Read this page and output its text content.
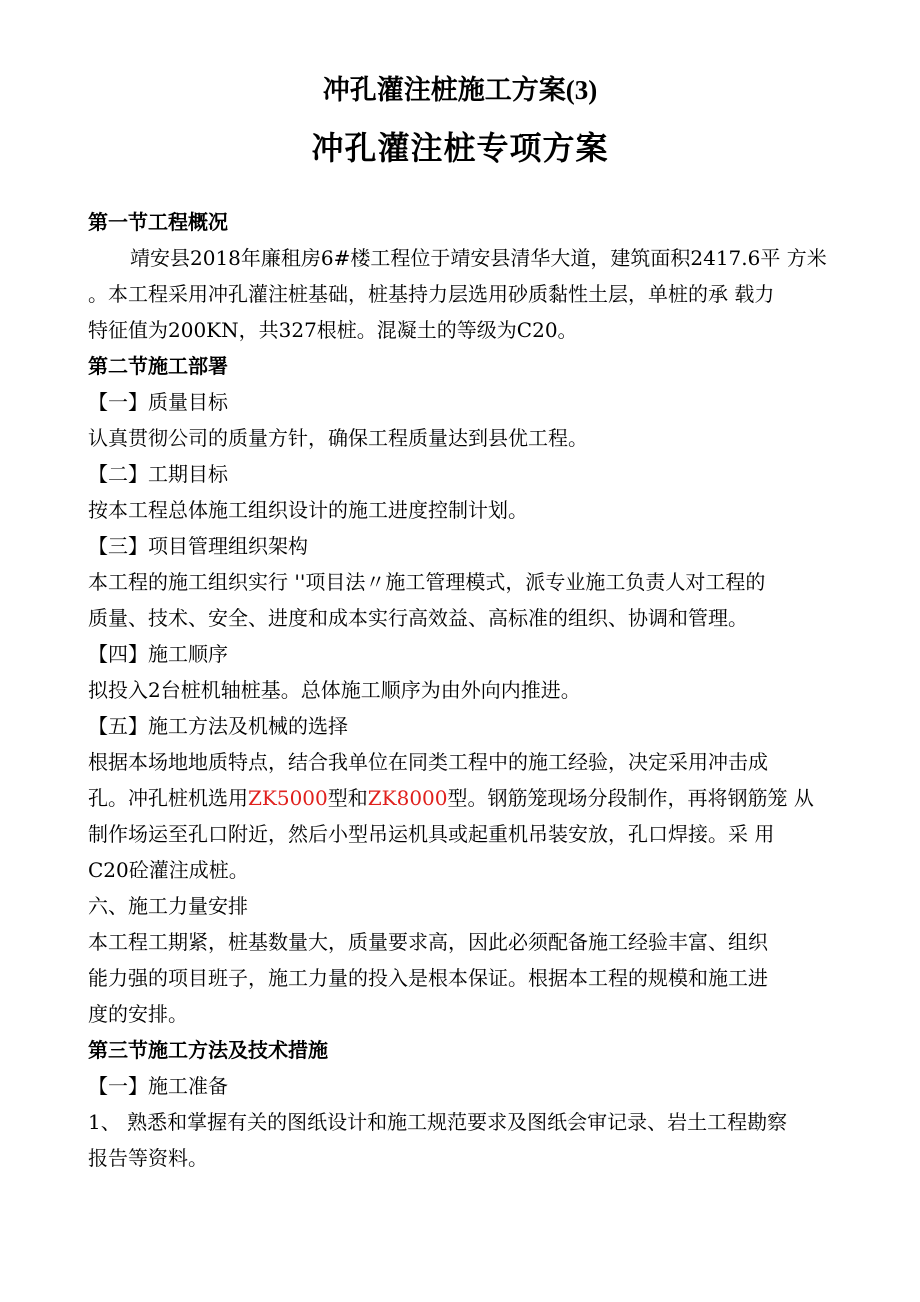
冲孔灌注桩施工方案(3)
冲孔灌注桩专项方案
第一节工程概况
靖安县2018年廉租房6#楼工程位于靖安县清华大道，建筑面积2417.6平 方米
。本工程采用冲孔灌注桩基础，桩基持力层选用砂质黏性土层，单桩的承 载力
特征值为200KN，共327根桩。混凝土的等级为C20。
第二节施工部署
【一】质量目标
认真贯彻公司的质量方针，确保工程质量达到县优工程。
【二】工期目标
按本工程总体施工组织设计的施工进度控制计划。
【三】项目管理组织架构
本工程的施工组织实行 ''项目法〃施工管理模式，派专业施工负责人对工程的
质量、技术、安全、进度和成本实行高效益、高标准的组织、协调和管理。
【四】施工顺序
拟投入2台桩机轴桩基。总体施工顺序为由外向内推进。
【五】施工方法及机械的选择
根据本场地地质特点，结合我单位在同类工程中的施工经验，决定采用冲击成
孔。冲孔桩机选用ZK5000型和ZK8000型。钢筋笼现场分段制作，再将钢筋笼 从
制作场运至孔口附近，然后小型吊运机具或起重机吊装安放，孔口焊接。采 用
C20砼灌注成桩。
六、施工力量安排
本工程工期紧，桩基数量大，质量要求高，因此必须配备施工经验丰富、组织
能力强的项目班子，施工力量的投入是根本保证。根据本工程的规模和施工进
度的安排。
第三节施工方法及技术措施
【一】施工准备
1、 熟悉和掌握有关的图纸设计和施工规范要求及图纸会审记录、岩土工程勘察
报告等资料。
